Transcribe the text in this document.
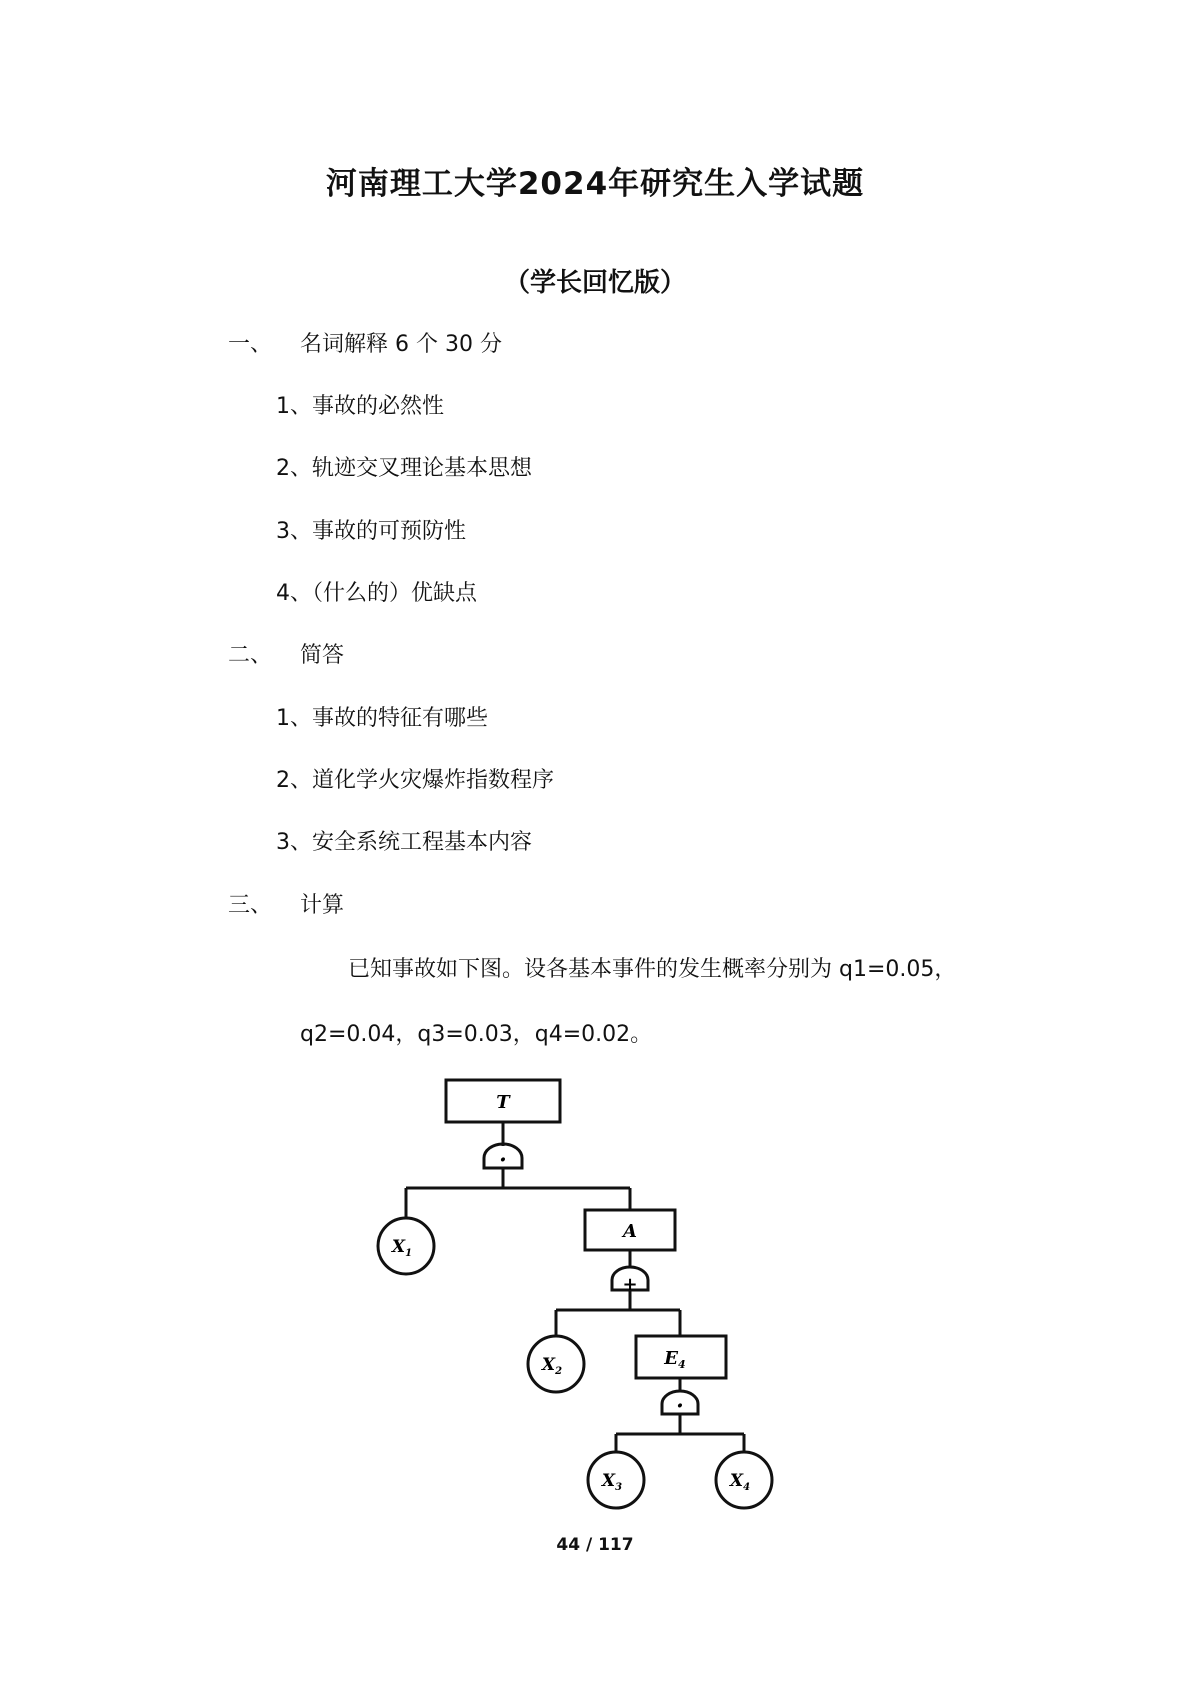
河南理工大学2024年研究生入学试题
（学长回忆版）
一、 名词解释 6 个 30 分
1、事故的必然性
2、轨迹交叉理论基本思想
3、事故的可预防性
4、（什么的）优缺点
二、 简答
1、事故的特征有哪些
2、道化学火灾爆炸指数程序
3、安全系统工程基本内容
三、 计算
已知事故如下图。设各基本事件的发生概率分别为 q1=0.05，
q2=0.04，q3=0.03，q4=0.02。
·
+
·
T
A
$E_4$
$X_1$
$X_2$
$X_3$	$X_4$
44 / 117
